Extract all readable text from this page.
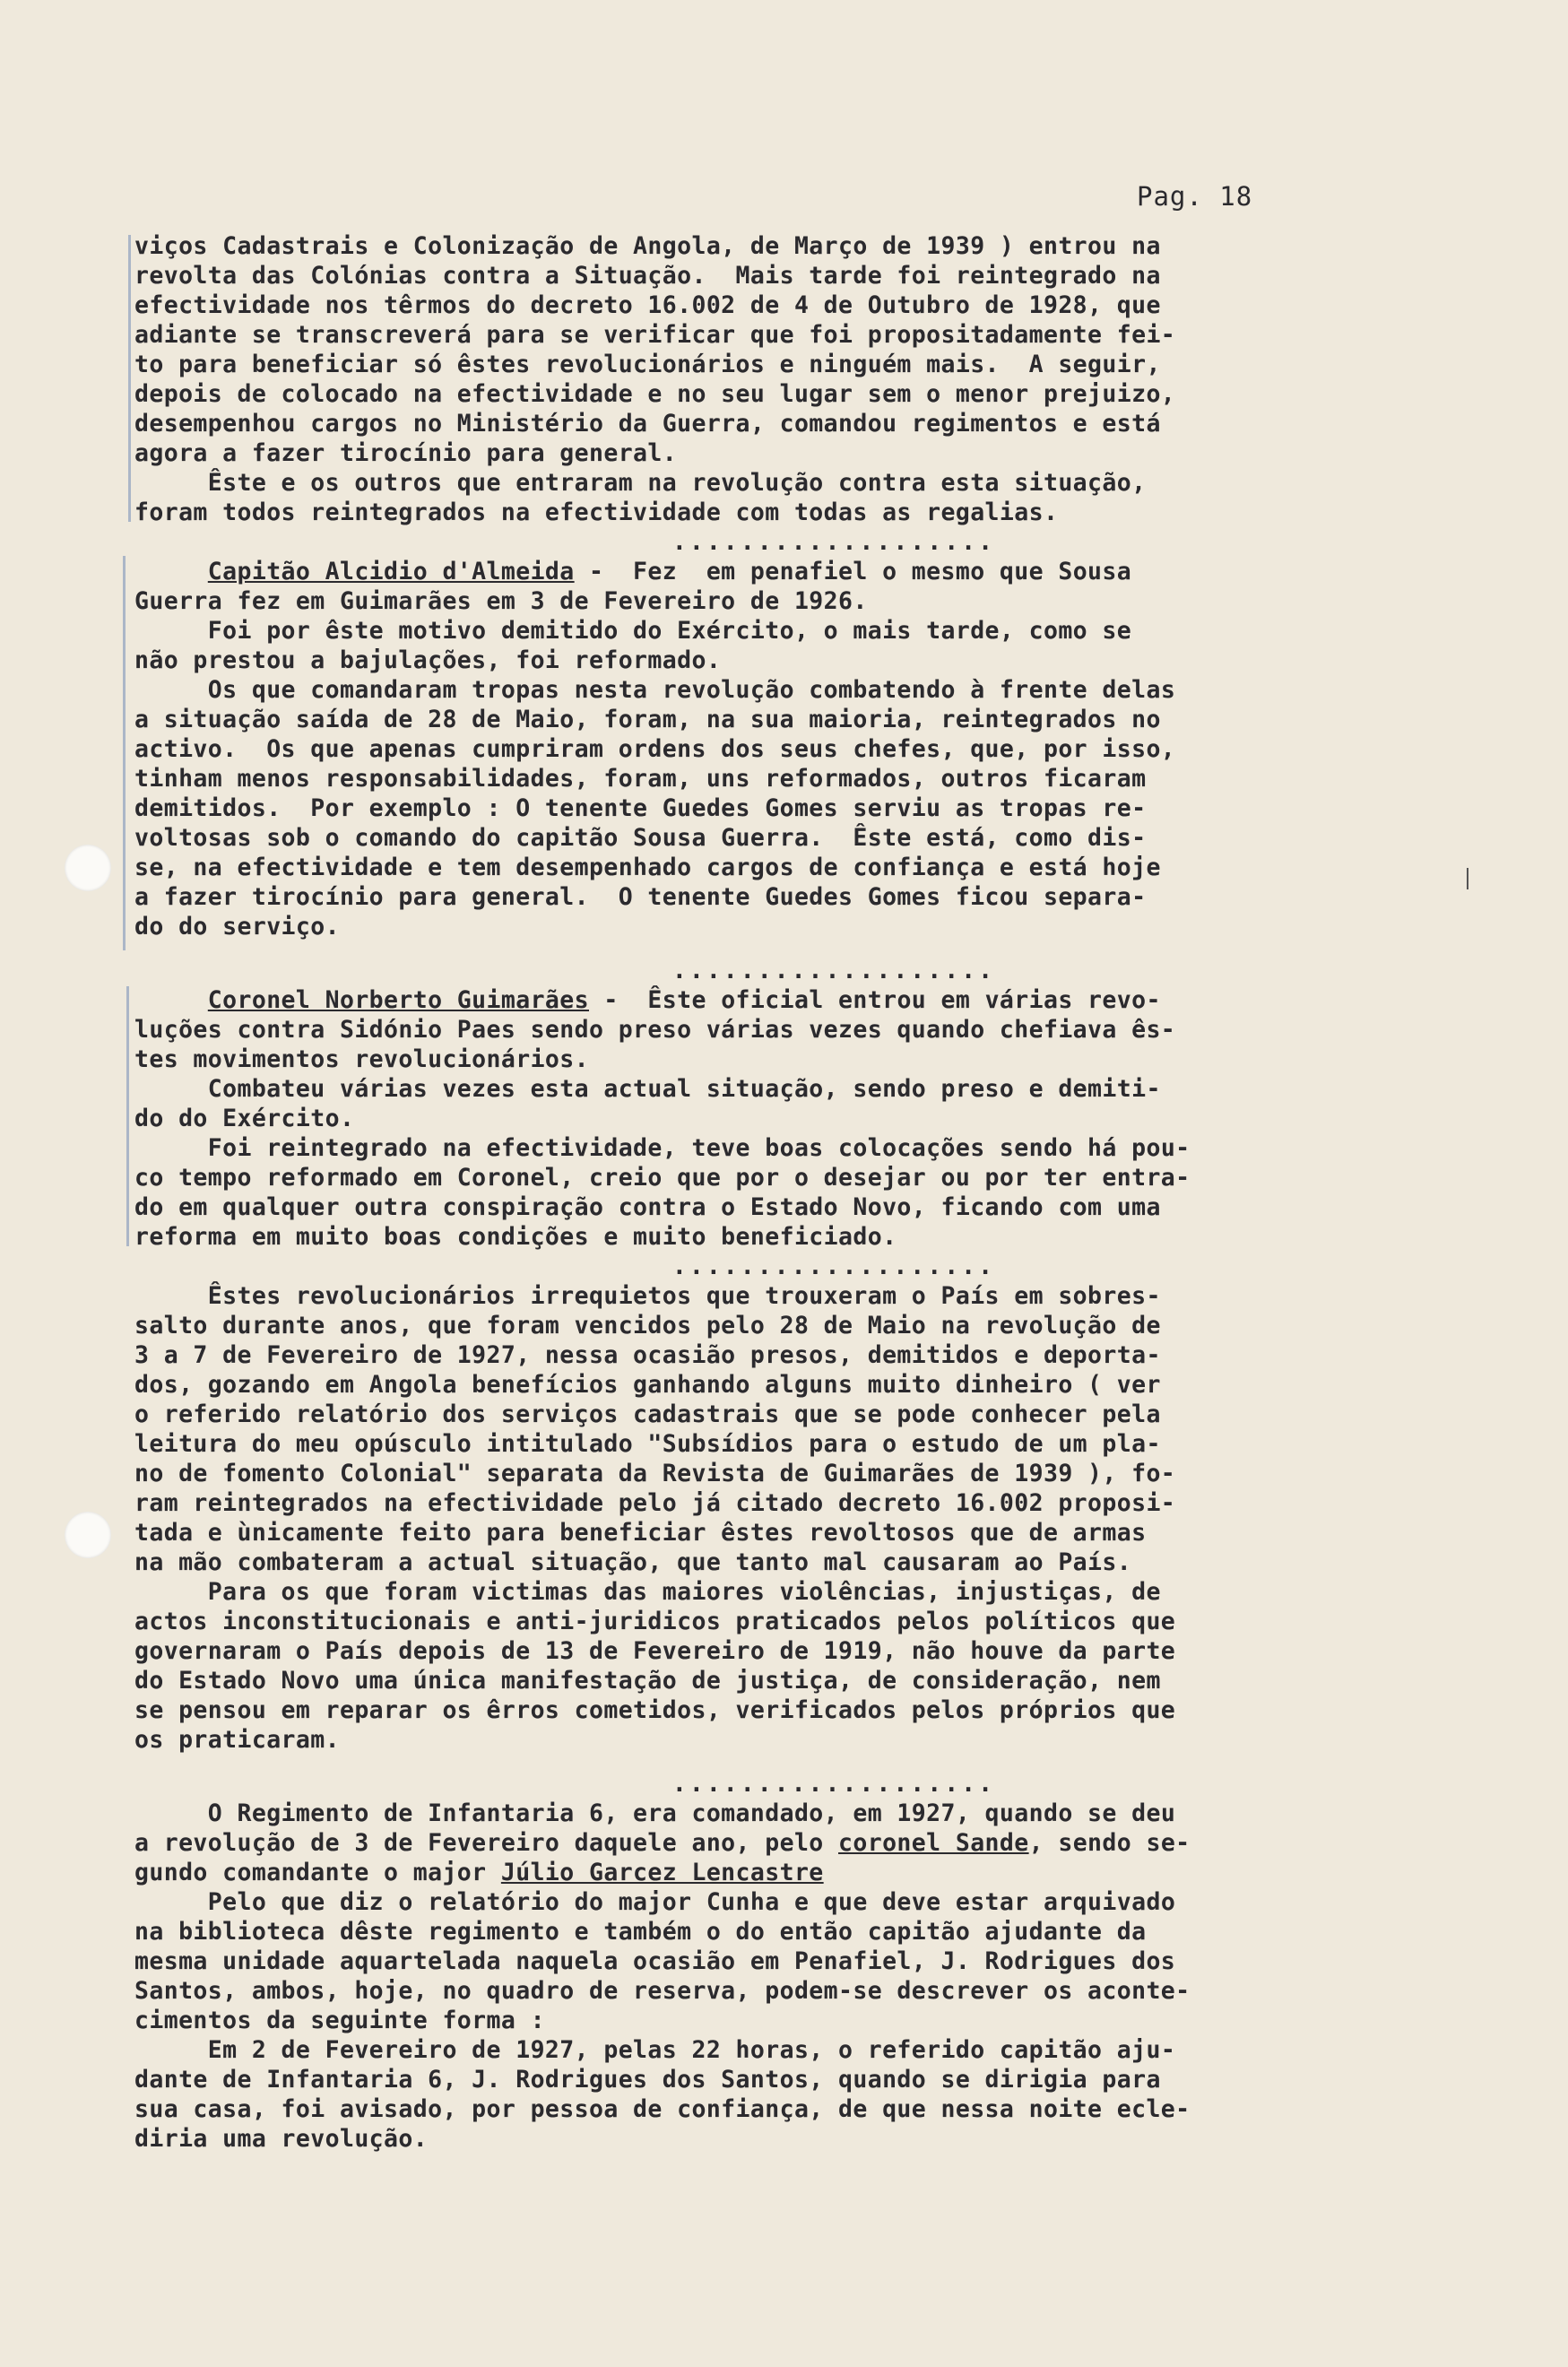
Pag. 18

viços Cadastrais e Colonização de Angola, de Março de 1939 ) entrou na

revolta das Colónias contra a Situação.  Mais tarde foi reintegrado na

efectividade nos têrmos do decreto 16.002 de 4 de Outubro de 1928, que

adiante se transcreverá para se verificar que foi propositadamente fei-

to para beneficiar só êstes revolucionários e ninguém mais.  A seguir,

depois de colocado na efectividade e no seu lugar sem o menor prejuizo,

desempenhou cargos no Ministério da Guerra, comandou regimentos e está

agora a fazer tirocínio para general.

Êste e os outros que entraram na revolução contra esta situação,

foram todos reintegrados na efectividade com todas as regalias.

...................

Capitão Alcidio d'Almeida -  Fez  em penafiel o mesmo que Sousa

Guerra fez em Guimarães em 3 de Fevereiro de 1926.

Foi por êste motivo demitido do Exército, o mais tarde, como se

não prestou a bajulações, foi reformado.

Os que comandaram tropas nesta revolução combatendo à frente delas

a situação saída de 28 de Maio, foram, na sua maioria, reintegrados no

activo.  Os que apenas cumpriram ordens dos seus chefes, que, por isso,

tinham menos responsabilidades, foram, uns reformados, outros ficaram

demitidos.  Por exemplo : O tenente Guedes Gomes serviu as tropas re-

voltosas sob o comando do capitão Sousa Guerra.  Êste está, como dis-

se, na efectividade e tem desempenhado cargos de confiança e está hoje

a fazer tirocínio para general.  O tenente Guedes Gomes ficou separa-

do do serviço.

...................

Coronel Norberto Guimarães -  Êste oficial entrou em várias revo-

luções contra Sidónio Paes sendo preso várias vezes quando chefiava ês-

tes movimentos revolucionários.

Combateu várias vezes esta actual situação, sendo preso e demiti-

do do Exército.

Foi reintegrado na efectividade, teve boas colocações sendo há pou-

co tempo reformado em Coronel, creio que por o desejar ou por ter entra-

do em qualquer outra conspiração contra o Estado Novo, ficando com uma

reforma em muito boas condições e muito beneficiado.

...................

Êstes revolucionários irrequietos que trouxeram o País em sobres-

salto durante anos, que foram vencidos pelo 28 de Maio na revolução de

3 a 7 de Fevereiro de 1927, nessa ocasião presos, demitidos e deporta-

dos, gozando em Angola benefícios ganhando alguns muito dinheiro ( ver

o referido relatório dos serviços cadastrais que se pode conhecer pela

leitura do meu opúsculo intitulado "Subsídios para o estudo de um pla-

no de fomento Colonial" separata da Revista de Guimarães de 1939 ), fo-

ram reintegrados na efectividade pelo já citado decreto 16.002 proposi-

tada e ùnicamente feito para beneficiar êstes revoltosos que de armas

na mão combateram a actual situação, que tanto mal causaram ao País.

Para os que foram victimas das maiores violências, injustiças, de

actos inconstitucionais e anti-juridicos praticados pelos políticos que

governaram o País depois de 13 de Fevereiro de 1919, não houve da parte

do Estado Novo uma única manifestação de justiça, de consideração, nem

se pensou em reparar os êrros cometidos, verificados pelos próprios que

os praticaram.

...................

O Regimento de Infantaria 6, era comandado, em 1927, quando se deu

a revolução de 3 de Fevereiro daquele ano, pelo coronel Sande, sendo se-

gundo comandante o major Júlio Garcez Lencastre

Pelo que diz o relatório do major Cunha e que deve estar arquivado

na biblioteca dêste regimento e também o do então capitão ajudante da

mesma unidade aquartelada naquela ocasião em Penafiel, J. Rodrigues dos

Santos, ambos, hoje, no quadro de reserva, podem-se descrever os aconte-

cimentos da seguinte forma :

Em 2 de Fevereiro de 1927, pelas 22 horas, o referido capitão aju-

dante de Infantaria 6, J. Rodrigues dos Santos, quando se dirigia para

sua casa, foi avisado, por pessoa de confiança, de que nessa noite ecle-

diria uma revolução.
